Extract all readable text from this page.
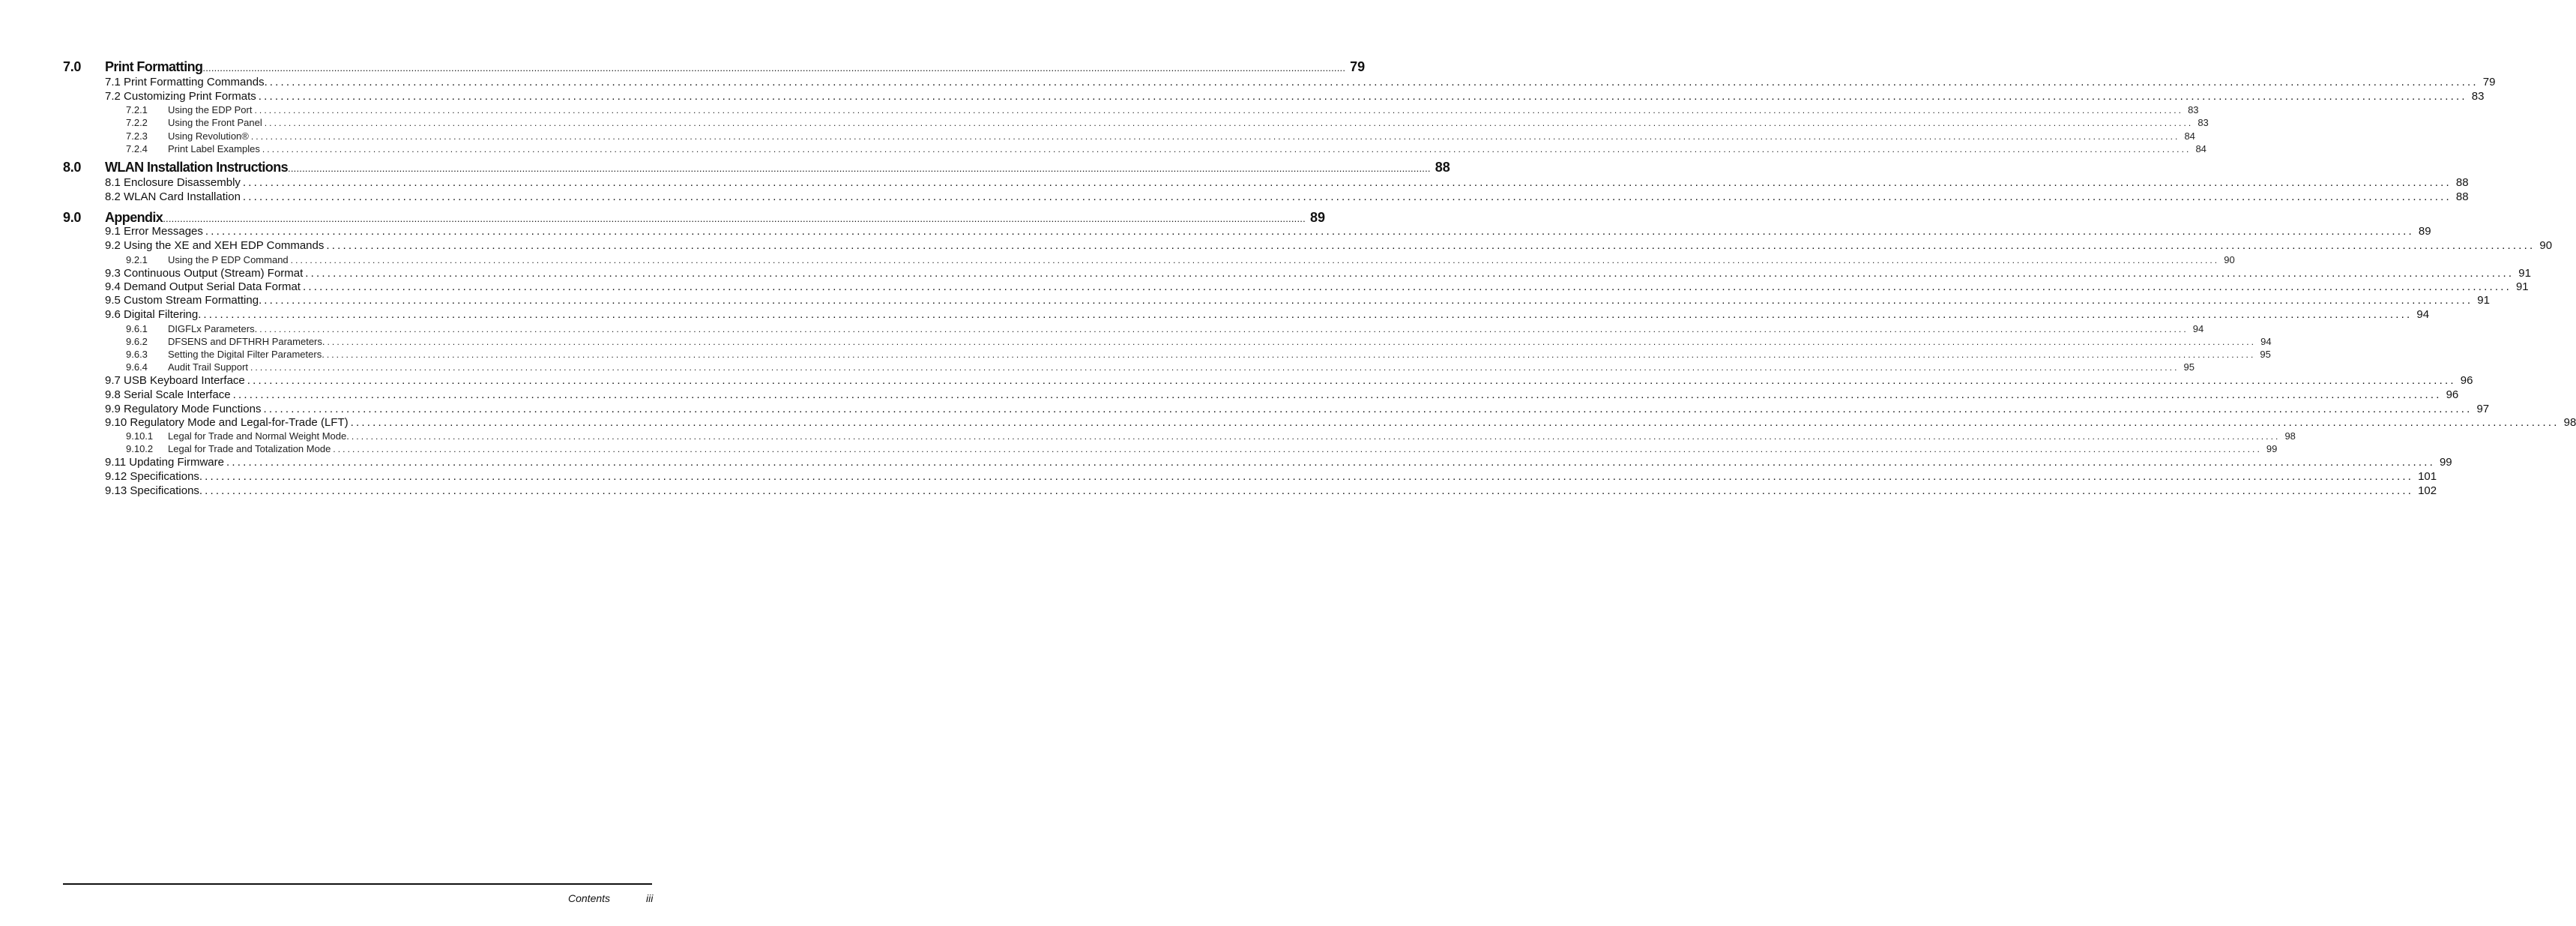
7.0	Print Formatting ................................................................................................................................................................................................................................................................................................................................................................................................................ 79
7.1 Print Formatting Commands. ................................................................................................................................................................................................................................................................................................................................................................................................................ 79
7.2 Customizing Print Formats ................................................................................................................................................................................................................................................................................................................................................................................................................ 83
7.2.1	Using the EDP Port ................................................................................................................................................................................................................................................................................................................................................................................................................ 83
7.2.2	Using the Front Panel ................................................................................................................................................................................................................................................................................................................................................................................................................ 83
7.2.3	Using Revolution® ................................................................................................................................................................................................................................................................................................................................................................................................................ 84
7.2.4	Print Label Examples ................................................................................................................................................................................................................................................................................................................................................................................................................ 84
8.0	WLAN Installation Instructions ................................................................................................................................................................................................................................................................................................................................................................................................................ 88
8.1 Enclosure Disassembly ................................................................................................................................................................................................................................................................................................................................................................................................................ 88
8.2 WLAN Card Installation ................................................................................................................................................................................................................................................................................................................................................................................................................ 88
9.0	Appendix ................................................................................................................................................................................................................................................................................................................................................................................................................ 89
9.1 Error Messages ................................................................................................................................................................................................................................................................................................................................................................................................................ 89
9.2 Using the XE and XEH EDP Commands ................................................................................................................................................................................................................................................................................................................................................................................................................ 90
9.2.1	Using the P EDP Command ................................................................................................................................................................................................................................................................................................................................................................................................................ 90
9.3 Continuous Output (Stream) Format ................................................................................................................................................................................................................................................................................................................................................................................................................ 91
9.4 Demand Output Serial Data Format ................................................................................................................................................................................................................................................................................................................................................................................................................ 91
9.5 Custom Stream Formatting. ................................................................................................................................................................................................................................................................................................................................................................................................................ 91
9.6 Digital Filtering. ................................................................................................................................................................................................................................................................................................................................................................................................................ 94
9.6.1	DIGFLx Parameters. ................................................................................................................................................................................................................................................................................................................................................................................................................ 94
9.6.2	DFSENS and DFTHRH Parameters. ................................................................................................................................................................................................................................................................................................................................................................................................................ 94
9.6.3	Setting the Digital Filter Parameters. ................................................................................................................................................................................................................................................................................................................................................................................................................ 95
9.6.4	Audit Trail Support ................................................................................................................................................................................................................................................................................................................................................................................................................ 95
9.7 USB Keyboard Interface ................................................................................................................................................................................................................................................................................................................................................................................................................ 96
9.8 Serial Scale Interface ................................................................................................................................................................................................................................................................................................................................................................................................................ 96
9.9 Regulatory Mode Functions ................................................................................................................................................................................................................................................................................................................................................................................................................ 97
9.10 Regulatory Mode and Legal-for-Trade (LFT) ................................................................................................................................................................................................................................................................................................................................................................................................................ 98
9.10.1	Legal for Trade and Normal Weight Mode. ................................................................................................................................................................................................................................................................................................................................................................................................................ 98
9.10.2	Legal for Trade and Totalization Mode ................................................................................................................................................................................................................................................................................................................................................................................................................ 99
9.11 Updating Firmware ................................................................................................................................................................................................................................................................................................................................................................................................................ 99
9.12 Specifications. ................................................................................................................................................................................................................................................................................................................................................................................................................ 101
9.13 Specifications. ................................................................................................................................................................................................................................................................................................................................................................................................................ 102
Contents	iii
